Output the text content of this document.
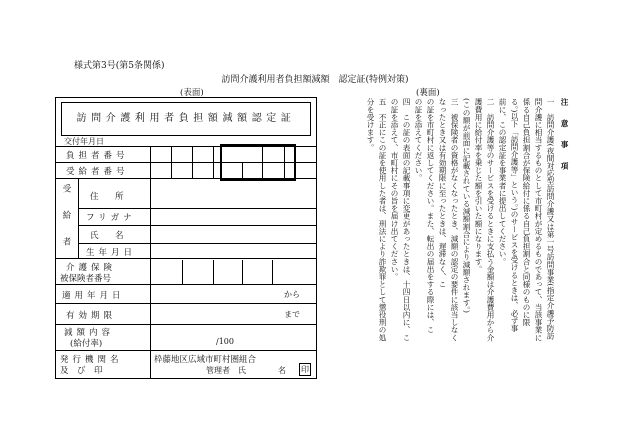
様式第3号(第5条関係)
訪問介護利用者負担額減額　認定証(特例対策)
(表面)	(裏面)
訪問介護利用者負担額減額認定証
交付年月日
負担者番号
受給者番号
受給者 住　所
フリガナ
氏　名
生年月日
介護保険
被保険者番号
適用年月日
有効期限
減額内容
(給付率)
発行機関名
及　び　印
から
まで
/100
枠藤地区広域市町村圏組合
管理者　氏　　　　名 印
注　意　事　項
一　訪問介護(夜間対応型訪問介護又は第一号訪問事業(指定介護予防訪
問介護に相当するものとして市町村が定めるものであって、当該事業に
係る自己負担割合が保険給付に係る自己負担割合と同様のものに限
る。)以下「訪問介護等」という。)のサービスを受けるときは、必ず事
前に、この認定証を事業者に提出してください。
二　訪問介護等のサービスを受けるときに支払う金額は介護費用から介
護費用に給付率を乗じた額を引いた額になります。
(この額が前面に記載されている減額割合により減額されます。)
三　被保険者の資格がなくなったとき、減額の認定の要件に該当しなく
なったとき又は有効期限に至ったときは、遅滞なく、こ
の証を市町村に返してください。また、転出の届出をする際には、こ
の証を添えてください。
四　この証の表面の記載事項に変更があったときは、十四日以内に、こ
の証を添えて、市町村にその旨を届け出てください。
五　不正にこの証を使用した者は、刑法により詐欺罪として懲役刑の処
分を受けます。
